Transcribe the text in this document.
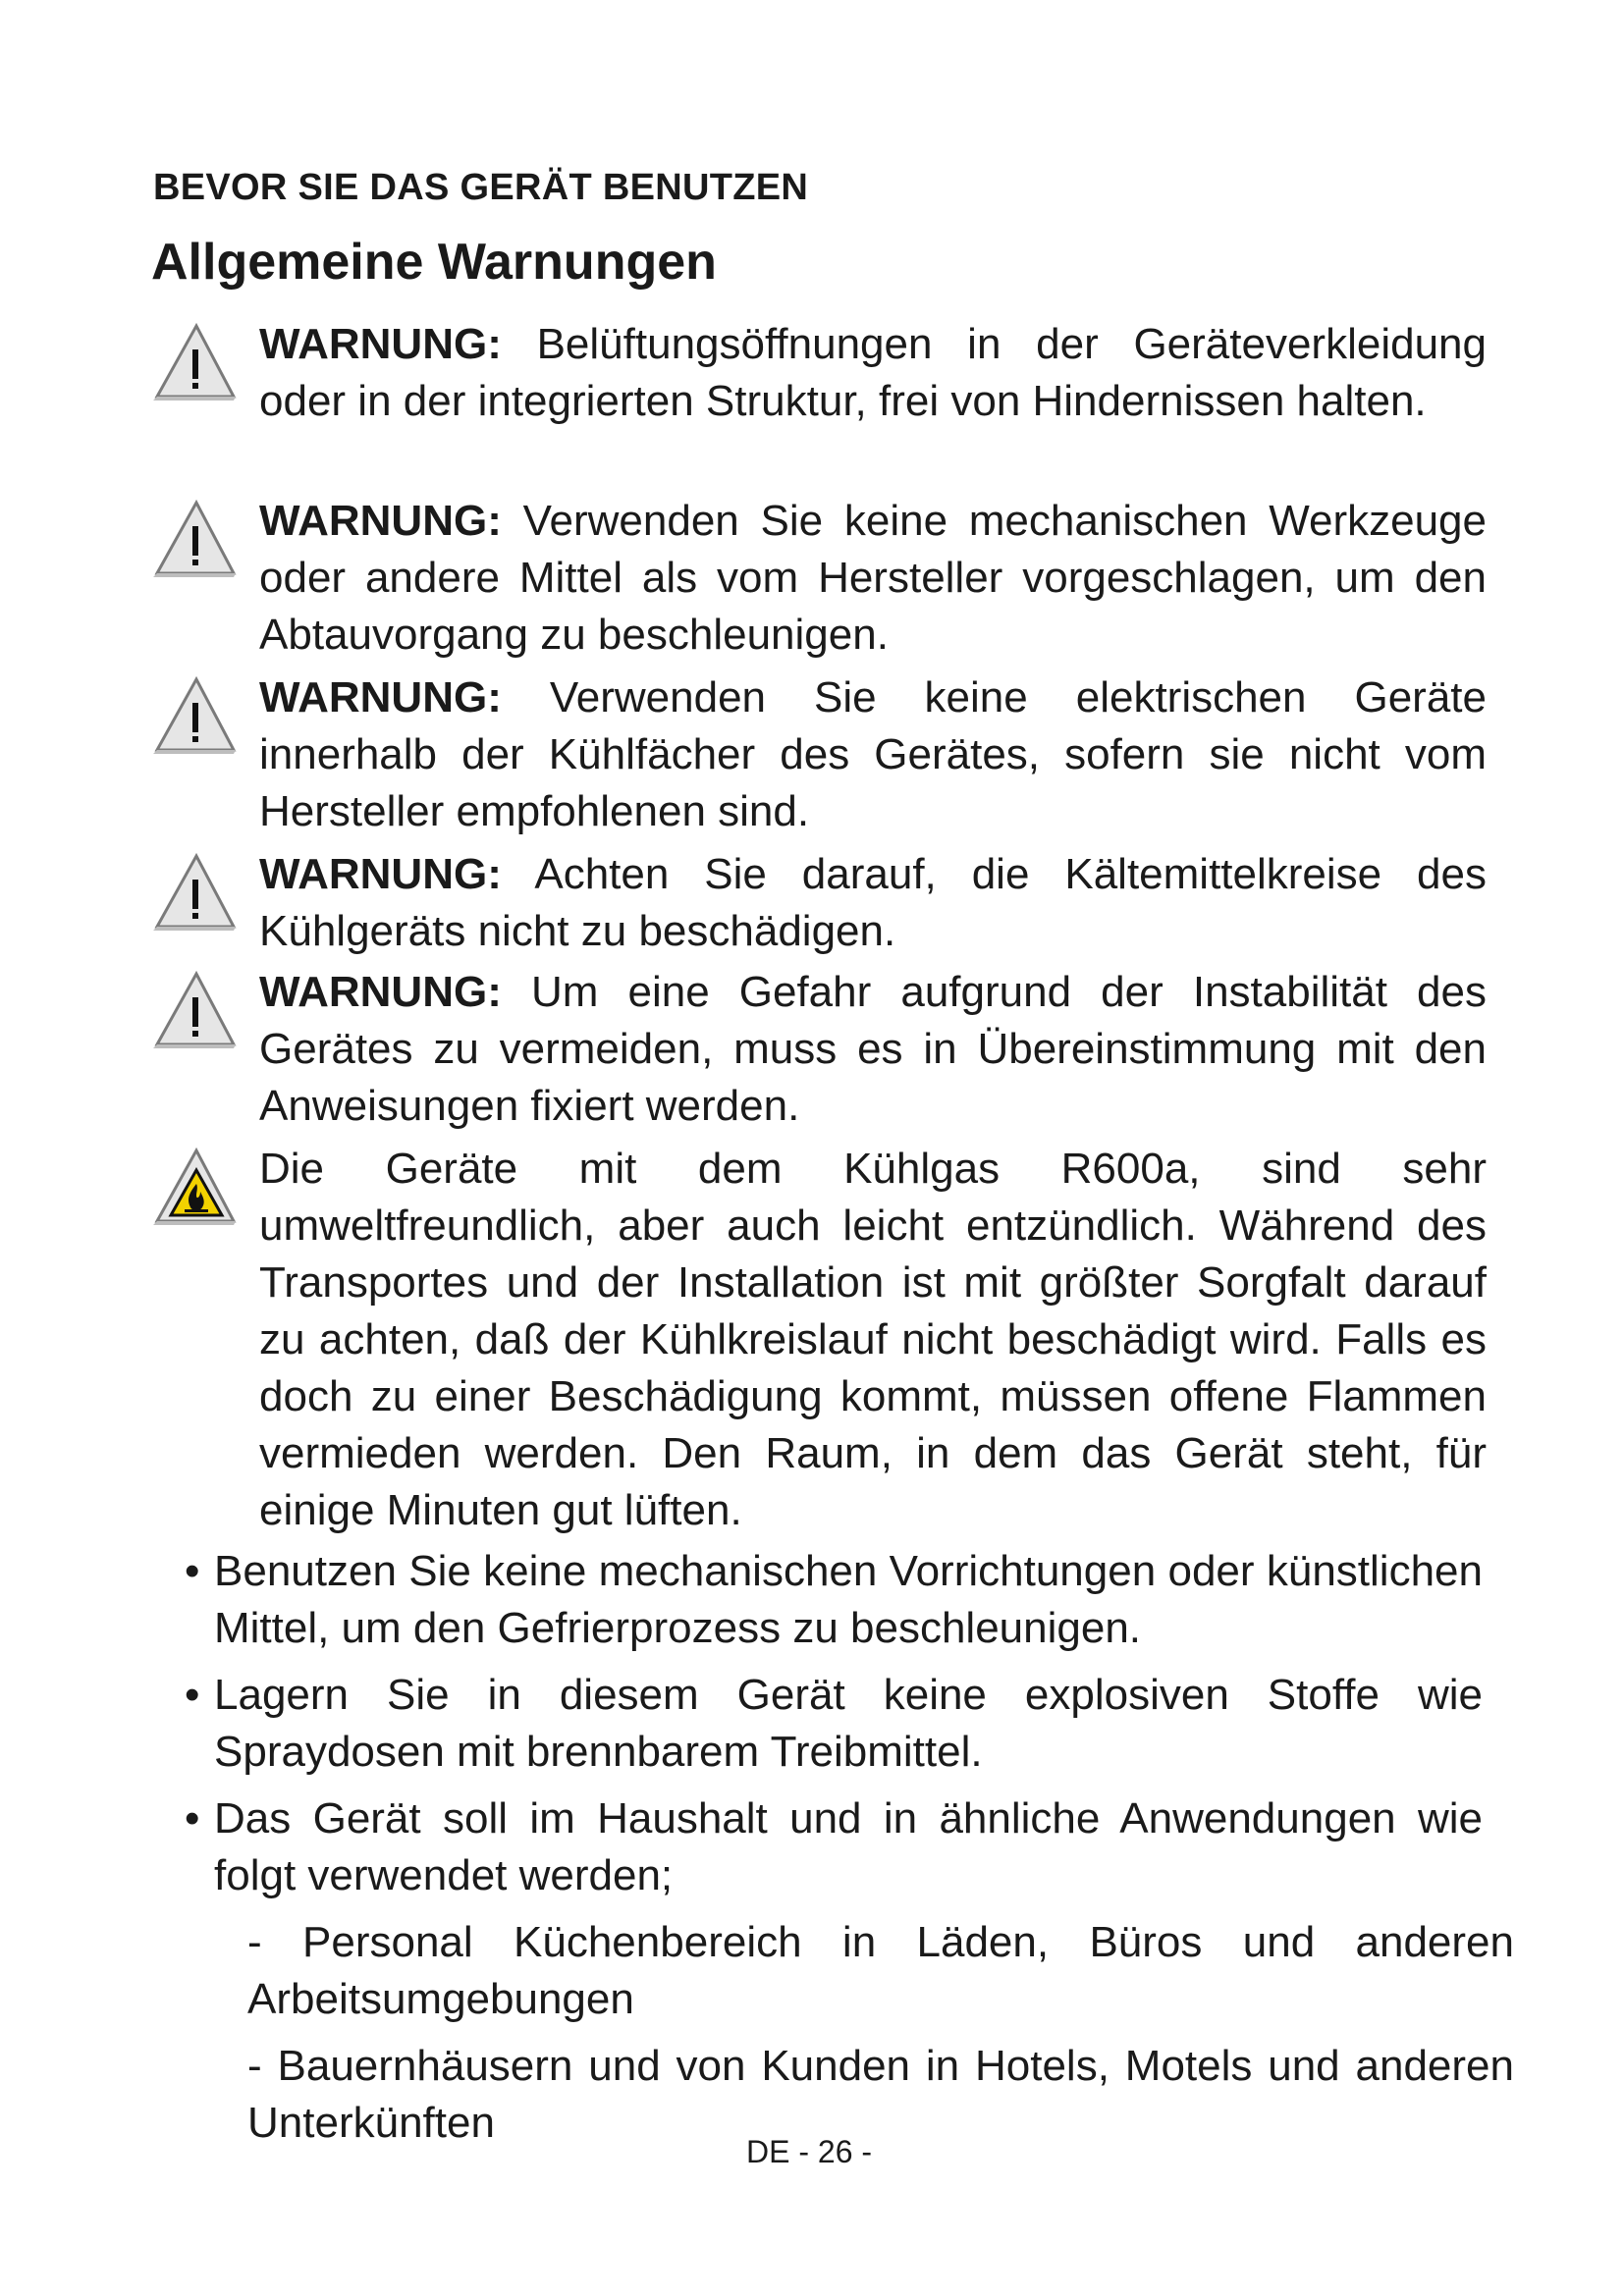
BEVOR SIE DAS GERÄT BENUTZEN
Allgemeine Warnungen

WARNUNG: Belüftungsöffnungen in der Geräteverkleidung oder in der integrierten Struktur, frei von Hindernissen halten.

WARNUNG: Verwenden Sie keine mechanischen Werkzeuge oder andere Mittel als vom Hersteller vorgeschlagen, um den Abtauvorgang zu beschleunigen.

WARNUNG: Verwenden Sie keine elektrischen Geräte innerhalb der Kühlfächer des Gerätes, sofern sie nicht vom Hersteller empfohlenen sind.

WARNUNG: Achten Sie darauf, die Kältemittelkreise des Kühlgeräts nicht zu beschädigen.

WARNUNG: Um eine Gefahr aufgrund der Instabilität des Gerätes zu vermeiden, muss es in Übereinstimmung mit den Anweisungen fixiert werden.

Die Geräte mit dem Kühlgas R600a, sind sehr umweltfreundlich, aber auch leicht entzündlich. Während des Transportes und der Installation ist mit größter Sorgfalt darauf zu achten, daß der Kühlkreislauf nicht beschädigt wird. Falls es doch zu einer Beschädigung kommt, müssen offene Flammen vermieden werden. Den Raum, in dem das Gerät steht, für einige Minuten gut lüften.

• Benutzen Sie keine mechanischen Vorrichtungen oder künstlichen Mittel, um den Gefrierprozess zu beschleunigen.

• Lagern Sie in diesem Gerät keine explosiven Stoffe wie Spraydosen mit brennbarem Treibmittel.

• Das Gerät soll im Haushalt und in ähnliche Anwendungen wie folgt verwendet werden;

- Personal Küchenbereich in Läden, Büros und anderen Arbeitsumgebungen

- Bauernhäusern und von Kunden in Hotels, Motels und anderen Unterkünften

DE - 26 -
